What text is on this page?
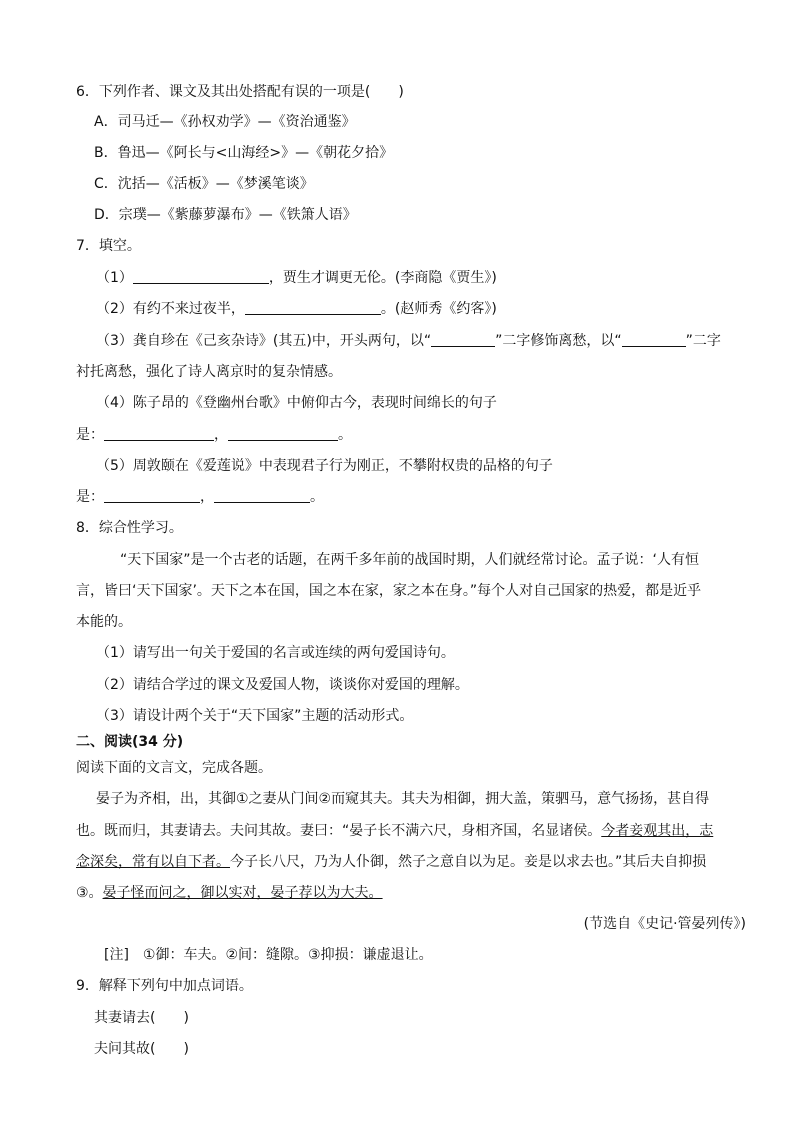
6．下列作者、课文及其出处搭配有误的一项是(　　)
A．司马迁—《孙权劝学》—《资治通鉴》
B．鲁迅—《阿长与<山海经>》—《朝花夕拾》
C．沈括—《活板》—《梦溪笔谈》
D．宗璞—《紫藤萝瀑布》—《铁箫人语》
7．填空。
（1）	，贾生才调更无伦。(李商隐《贾生》)
（2）有约不来过夜半，	。(赵师秀《约客》)
（3）龚自珍在《己亥杂诗》(其五)中，开头两句，以“	”二字修饰离愁，以“	”二字
衬托离愁，强化了诗人离京时的复杂情感。
（4）陈子昂的《登幽州台歌》中俯仰古今，表现时间绵长的句子
是：	，	。
（5）周敦颐在《爱莲说》中表现君子行为刚正，不攀附权贵的品格的句子
是：	，	。
8．综合性学习。
“天下国家”是一个古老的话题，在两千多年前的战国时期，人们就经常讨论。孟子说：‘人有恒
言，皆曰‘天下国家’。天下之本在国，国之本在家，家之本在身。”每个人对自己国家的热爱，都是近乎
本能的。
（1）请写出一句关于爱国的名言或连续的两句爱国诗句。
（2）请结合学过的课文及爱国人物，谈谈你对爱国的理解。
（3）请设计两个关于“天下国家”主题的活动形式。
二、阅读(34 分)
阅读下面的文言文，完成各题。
晏子为齐相，出，其御①之妻从门间②而窥其夫。其夫为相御，拥大盖，策驷马，意气扬扬，甚自得
也。既而归，其妻请去。夫问其故。妻曰：“晏子长不满六尺，身相齐国，名显诸侯。今者妾观其出，志
念深矣，常有以自下者。今子长八尺，乃为人仆御，然子之意自以为足。妾是以求去也。”其后夫自抑损
③。晏子怪而问之，御以实对，晏子荐以为大夫。
(节选自《史记·管晏列传》)
[注]　①御：车夫。②间：缝隙。③抑损：谦虚退让。
9．解释下列句中加点词语。
其妻请去(　　)
夫问其故(　　)
